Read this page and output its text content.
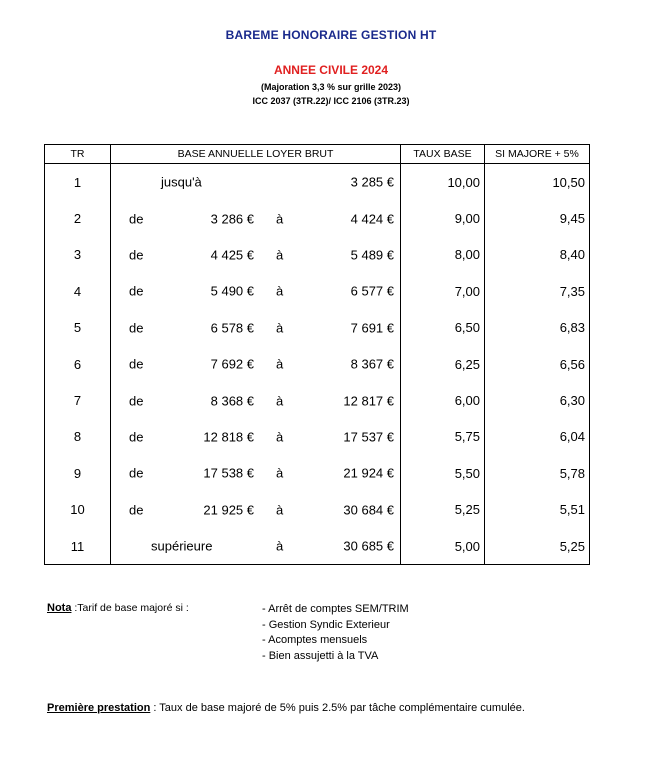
BAREME HONORAIRE GESTION HT
ANNEE CIVILE 2024
(Majoration 3,3 % sur grille 2023)
ICC 2037 (3TR.22)/ ICC 2106 (3TR.23)
TR	BASE ANNUELLE LOYER BRUT	TAUX BASE	SI MAJORE + 5%
1	jusqu'à 3 285 €	10,00	10,50
2	de 3 286 € à 4 424 €	9,00	9,45
3	de 4 425 € à 5 489 €	8,00	8,40
4	de 5 490 € à 6 577 €	7,00	7,35
5	de 6 578 € à 7 691 €	6,50	6,83
6	de 7 692 € à 8 367 €	6,25	6,56
7	de 8 368 € à 12 817 €	6,00	6,30
8	de 12 818 € à 17 537 €	5,75	6,04
9	de 17 538 € à 21 924 €	5,50	5,78
10	de 21 925 € à 30 684 €	5,25	5,51
11	supérieure à 30 685 €	5,00	5,25
Nota :Tarif de base majoré si :	- Arrêt de comptes SEM/TRIM
- Gestion Syndic Exterieur
- Acomptes mensuels
- Bien assujetti à la TVA
Première prestation : Taux de base majoré de 5% puis 2.5% par tâche complémentaire cumulée.
